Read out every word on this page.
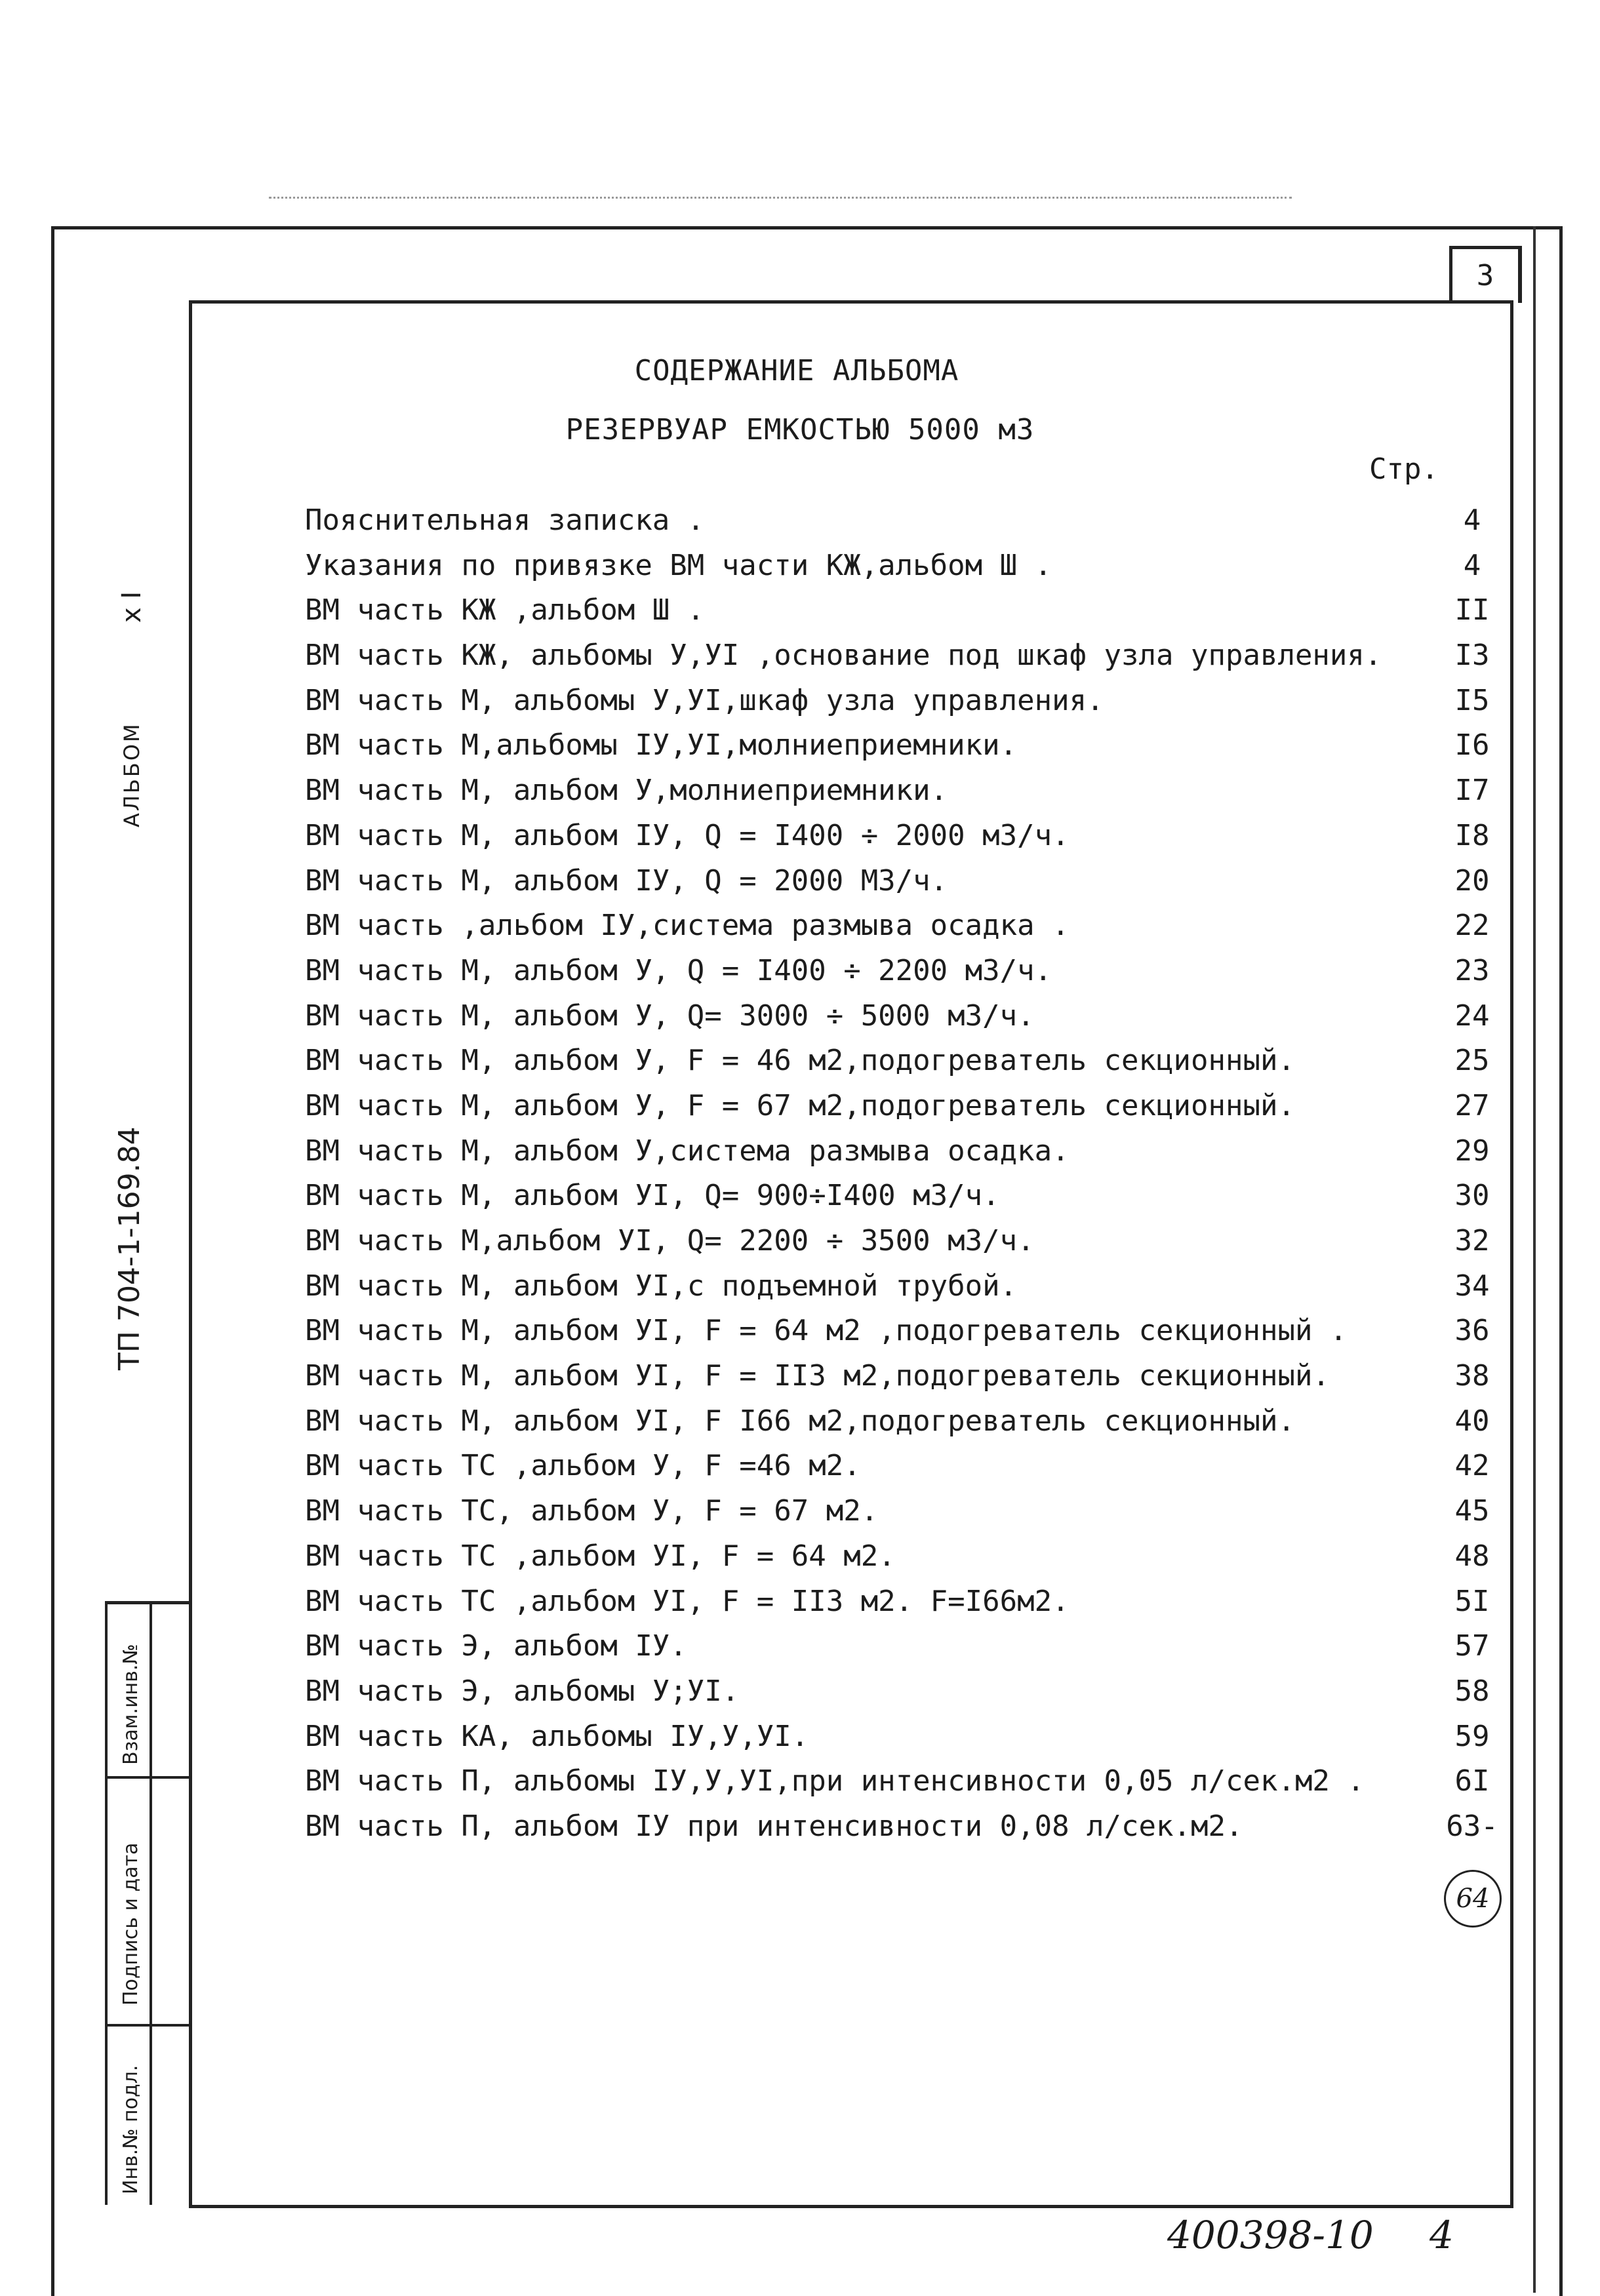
3
x I
АЛЬБОМ
ТП 704-1-169.84
Взам.инв.№
Подпись и дата
Инв.№ подл.
СОДЕРЖАНИЕ АЛЬБОМА
РЕЗЕРВУАР ЕМКОСТЬЮ 5000 м3
Стр.
Пояснительная записка .	4
Указания по привязке ВМ части КЖ,альбом Ш .	4
ВМ часть КЖ ,альбом Ш .	II
ВМ часть КЖ, альбомы У,УI ,основание под шкаф узла управления.	I3
ВМ часть М, альбомы У,УI,шкаф узла управления.	I5
ВМ часть М,альбомы IУ,УI,молниеприемники.	I6
ВМ часть М, альбом У,молниеприемники.	I7
ВМ часть М, альбом IУ, Q = I400 ÷ 2000 м3/ч.	I8
ВМ часть М, альбом IУ, Q = 2000 М3/ч.	20
ВМ часть ,альбом IУ,система размыва осадка .	22
ВМ часть М, альбом У, Q = I400 ÷ 2200 м3/ч.	23
ВМ часть М, альбом У, Q= 3000 ÷ 5000 м3/ч.	24
ВМ часть М, альбом У, F = 46 м2,подогреватель секционный.	25
ВМ часть М, альбом У, F = 67 м2,подогреватель секционный.	27
ВМ часть М, альбом У,система размыва осадка.	29
ВМ часть М, альбом УI, Q= 900÷I400 м3/ч.	30
ВМ часть М,альбом УI, Q= 2200 ÷ 3500 м3/ч.	32
ВМ часть М, альбом УI,с подъемной трубой.	34
ВМ часть М, альбом УI, F = 64 м2 ,подогреватель секционный .	36
ВМ часть М, альбом УI, F = II3 м2,подогреватель секционный.	38
ВМ часть М, альбом УI, F I66 м2,подогреватель секционный.	40
ВМ часть ТС ,альбом У, F =46 м2.	42
ВМ часть ТС, альбом У, F = 67 м2.	45
ВМ часть ТС ,альбом УI, F = 64 м2.	48
ВМ часть ТС ,альбом УI, F = II3 м2. F=I66м2.	5I
ВМ часть Э, альбом IУ.	57
ВМ часть Э, альбомы У;УI.	58
ВМ часть КА, альбомы IУ,У,УI.	59
ВМ часть П, альбомы IУ,У,УI,при интенсивности 0,05 л/сек.м2 .	6I
ВМ часть П, альбом IУ при интенсивности 0,08 л/сек.м2.	63-
64
400398-10 4
